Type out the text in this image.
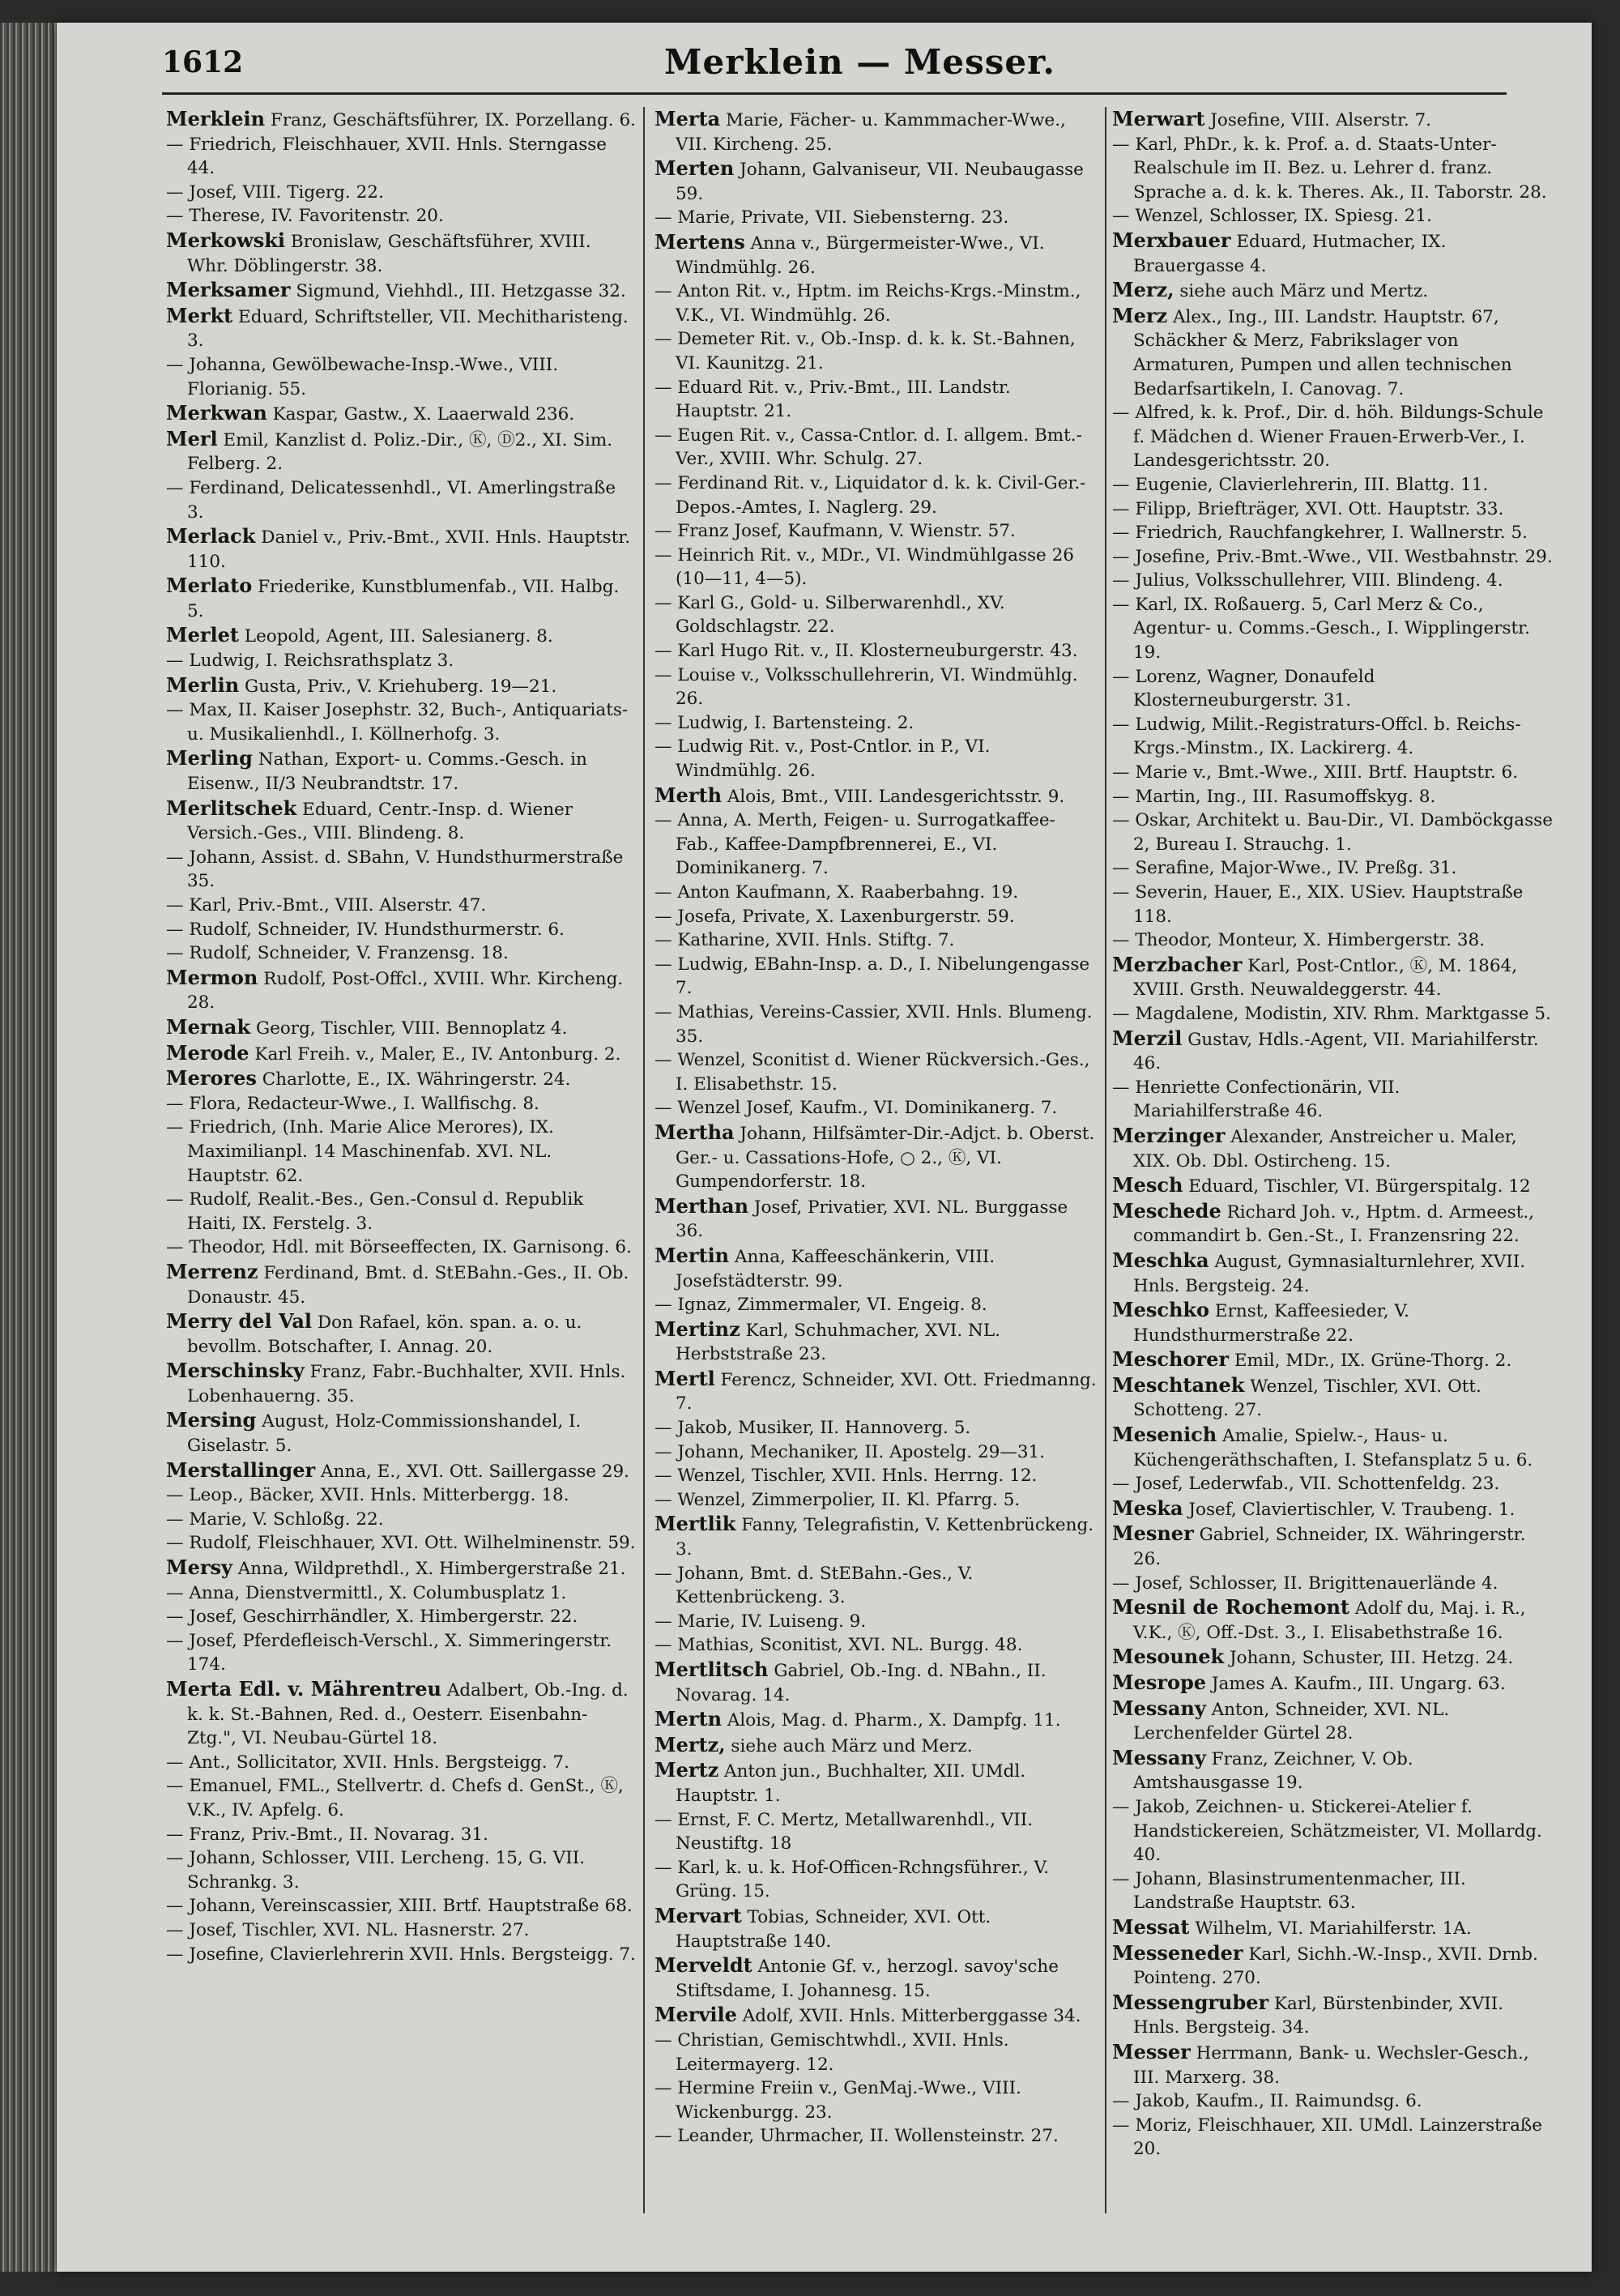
1612	Merklein — Messer.
Merklein Franz, Geschäftsführer, IX. Porzellang. 6.
— Friedrich, Fleischhauer, XVII. Hnls. Sterngasse 44.
— Josef, VIII. Tigerg. 22.
— Therese, IV. Favoritenstr. 20.
Merkowski Bronislaw, Geschäftsführer, XVIII. Whr. Döblingerstr. 38.
Merksamer Sigmund, Viehhdl., III. Hetzgasse 32.
Merkt Eduard, Schriftsteller, VII. Mechitharisteng. 3.
— Johanna, Gewölbewache-Insp.-Wwe., VIII. Florianig. 55.
Merkwan Kaspar, Gastw., X. Laaerwald 236.
Merl Emil, Kanzlist d. Poliz.-Dir., Ⓚ, Ⓓ2., XI. Sim. Felberg. 2.
— Ferdinand, Delicatessenhdl., VI. Amerlingstraße 3.
Merlack Daniel v., Priv.-Bmt., XVII. Hnls. Hauptstr. 110.
Merlato Friederike, Kunstblumenfab., VII. Halbg. 5.
Merlet Leopold, Agent, III. Salesianerg. 8.
— Ludwig, I. Reichsrathsplatz 3.
Merlin Gusta, Priv., V. Kriehuberg. 19—21.
— Max, II. Kaiser Josephstr. 32, Buch-, Antiquariats- u. Musikalienhdl., I. Köllnerhofg. 3.
Merling Nathan, Export- u. Comms.-Gesch. in Eisenw., II/3 Neubrandtstr. 17.
Merlitschek Eduard, Centr.-Insp. d. Wiener Versich.-Ges., VIII. Blindeng. 8.
— Johann, Assist. d. SBahn, V. Hundsthurmerstraße 35.
— Karl, Priv.-Bmt., VIII. Alserstr. 47.
— Rudolf, Schneider, IV. Hundsthurmerstr. 6.
— Rudolf, Schneider, V. Franzensg. 18.
Mermon Rudolf, Post-Offcl., XVIII. Whr. Kircheng. 28.
Mernak Georg, Tischler, VIII. Bennoplatz 4.
Merode Karl Freih. v., Maler, E., IV. Antonburg. 2.
Merores Charlotte, E., IX. Währingerstr. 24.
— Flora, Redacteur-Wwe., I. Wallfischg. 8.
— Friedrich, (Inh. Marie Alice Merores), IX. Maximilianpl. 14 Maschinenfab. XVI. NL. Hauptstr. 62.
— Rudolf, Realit.-Bes., Gen.-Consul d. Republik Haiti, IX. Ferstelg. 3.
— Theodor, Hdl. mit Börseeffecten, IX. Garnisong. 6.
Merrenz Ferdinand, Bmt. d. StEBahn.-Ges., II. Ob. Donaustr. 45.
Merry del Val Don Rafael, kön. span. a. o. u. bevollm. Botschafter, I. Annag. 20.
Merschinsky Franz, Fabr.-Buchhalter, XVII. Hnls. Lobenhauerng. 35.
Mersing August, Holz-Commissionshandel, I. Giselastr. 5.
Merstallinger Anna, E., XVI. Ott. Saillergasse 29.
— Leop., Bäcker, XVII. Hnls. Mitterbergg. 18.
— Marie, V. Schloßg. 22.
— Rudolf, Fleischhauer, XVI. Ott. Wilhelminenstr. 59.
Mersy Anna, Wildprethdl., X. Himbergerstraße 21.
— Anna, Dienstvermittl., X. Columbusplatz 1.
— Josef, Geschirrhändler, X. Himbergerstr. 22.
— Josef, Pferdefleisch-Verschl., X. Simmeringerstr. 174.
Merta Edl. v. Mährentreu Adalbert, Ob.-Ing. d. k. k. St.-Bahnen, Red. d., Oesterr. Eisenbahn-Ztg.", VI. Neubau-Gürtel 18.
— Ant., Sollicitator, XVII. Hnls. Bergsteigg. 7.
— Emanuel, FML., Stellvertr. d. Chefs d. GenSt., Ⓚ, V.K., IV. Apfelg. 6.
— Franz, Priv.-Bmt., II. Novarag. 31.
— Johann, Schlosser, VIII. Lercheng. 15, G. VII. Schrankg. 3.
— Johann, Vereinscassier, XIII. Brtf. Hauptstraße 68.
— Josef, Tischler, XVI. NL. Hasnerstr. 27.
— Josefine, Clavierlehrerin XVII. Hnls. Bergsteigg. 7.
Merta Marie, Fächer- u. Kammmacher-Wwe., VII. Kircheng. 25.
Merten Johann, Galvaniseur, VII. Neubaugasse 59.
— Marie, Private, VII. Siebensterng. 23.
Mertens Anna v., Bürgermeister-Wwe., VI. Windmühlg. 26.
— Anton Rit. v., Hptm. im Reichs-Krgs.-Minstm., V.K., VI. Windmühlg. 26.
— Demeter Rit. v., Ob.-Insp. d. k. k. St.-Bahnen, VI. Kaunitzg. 21.
— Eduard Rit. v., Priv.-Bmt., III. Landstr. Hauptstr. 21.
— Eugen Rit. v., Cassa-Cntlor. d. I. allgem. Bmt.-Ver., XVIII. Whr. Schulg. 27.
— Ferdinand Rit. v., Liquidator d. k. k. Civil-Ger.-Depos.-Amtes, I. Naglerg. 29.
— Franz Josef, Kaufmann, V. Wienstr. 57.
— Heinrich Rit. v., MDr., VI. Windmühlgasse 26 (10—11, 4—5).
— Karl G., Gold- u. Silberwarenhdl., XV. Goldschlagstr. 22.
— Karl Hugo Rit. v., II. Klosterneuburgerstr. 43.
— Louise v., Volksschullehrerin, VI. Windmühlg. 26.
— Ludwig, I. Bartensteing. 2.
— Ludwig Rit. v., Post-Cntlor. in P., VI. Windmühlg. 26.
Merth Alois, Bmt., VIII. Landesgerichtsstr. 9.
— Anna, A. Merth, Feigen- u. Surrogatkaffee-Fab., Kaffee-Dampfbrennerei, E., VI. Dominikanerg. 7.
— Anton Kaufmann, X. Raaberbahng. 19.
— Josefa, Private, X. Laxenburgerstr. 59.
— Katharine, XVII. Hnls. Stiftg. 7.
— Ludwig, EBahn-Insp. a. D., I. Nibelungengasse 7.
— Mathias, Vereins-Cassier, XVII. Hnls. Blumeng. 35.
— Wenzel, Sconitist d. Wiener Rückversich.-Ges., I. Elisabethstr. 15.
— Wenzel Josef, Kaufm., VI. Dominikanerg. 7.
Mertha Johann, Hilfsämter-Dir.-Adjct. b. Oberst. Ger.- u. Cassations-Hofe, ○ 2., Ⓚ, VI. Gumpendorferstr. 18.
Merthan Josef, Privatier, XVI. NL. Burggasse 36.
Mertin Anna, Kaffeeschänkerin, VIII. Josefstädterstr. 99.
— Ignaz, Zimmermaler, VI. Engeig. 8.
Mertinz Karl, Schuhmacher, XVI. NL. Herbststraße 23.
Mertl Ferencz, Schneider, XVI. Ott. Friedmanng. 7.
— Jakob, Musiker, II. Hannoverg. 5.
— Johann, Mechaniker, II. Apostelg. 29—31.
— Wenzel, Tischler, XVII. Hnls. Herrng. 12.
— Wenzel, Zimmerpolier, II. Kl. Pfarrg. 5.
Mertlik Fanny, Telegrafistin, V. Kettenbrückeng. 3.
— Johann, Bmt. d. StEBahn.-Ges., V. Kettenbrückeng. 3.
— Marie, IV. Luiseng. 9.
— Mathias, Sconitist, XVI. NL. Burgg. 48.
Mertlitsch Gabriel, Ob.-Ing. d. NBahn., II. Novarag. 14.
Mertn Alois, Mag. d. Pharm., X. Dampfg. 11.
Mertz, siehe auch März und Merz.
Mertz Anton jun., Buchhalter, XII. UMdl. Hauptstr. 1.
— Ernst, F. C. Mertz, Metallwarenhdl., VII. Neustiftg. 18
— Karl, k. u. k. Hof-Officen-Rchngsführer., V. Grüng. 15.
Mervart Tobias, Schneider, XVI. Ott. Hauptstraße 140.
Merveldt Antonie Gf. v., herzogl. savoy'sche Stiftsdame, I. Johannesg. 15.
Mervile Adolf, XVII. Hnls. Mitterberggasse 34.
— Christian, Gemischtwhdl., XVII. Hnls. Leitermayerg. 12.
— Hermine Freiin v., GenMaj.-Wwe., VIII. Wickenburgg. 23.
— Leander, Uhrmacher, II. Wollensteinstr. 27.
Merwart Josefine, VIII. Alserstr. 7.
— Karl, PhDr., k. k. Prof. a. d. Staats-Unter-Realschule im II. Bez. u. Lehrer d. franz. Sprache a. d. k. k. Theres. Ak., II. Taborstr. 28.
— Wenzel, Schlosser, IX. Spiesg. 21.
Merxbauer Eduard, Hutmacher, IX. Brauergasse 4.
Merz, siehe auch März und Mertz.
Merz Alex., Ing., III. Landstr. Hauptstr. 67, Schäckher & Merz, Fabrikslager von Armaturen, Pumpen und allen technischen Bedarfsartikeln, I. Canovag. 7.
— Alfred, k. k. Prof., Dir. d. höh. Bildungs-Schule f. Mädchen d. Wiener Frauen-Erwerb-Ver., I. Landesgerichtsstr. 20.
— Eugenie, Clavierlehrerin, III. Blattg. 11.
— Filipp, Briefträger, XVI. Ott. Hauptstr. 33.
— Friedrich, Rauchfangkehrer, I. Wallnerstr. 5.
— Josefine, Priv.-Bmt.-Wwe., VII. Westbahnstr. 29.
— Julius, Volksschullehrer, VIII. Blindeng. 4.
— Karl, IX. Roßauerg. 5, Carl Merz & Co., Agentur- u. Comms.-Gesch., I. Wipplingerstr. 19.
— Lorenz, Wagner, Donaufeld Klosterneuburgerstr. 31.
— Ludwig, Milit.-Registraturs-Offcl. b. Reichs-Krgs.-Minstm., IX. Lackirerg. 4.
— Marie v., Bmt.-Wwe., XIII. Brtf. Hauptstr. 6.
— Martin, Ing., III. Rasumoffskyg. 8.
— Oskar, Architekt u. Bau-Dir., VI. Damböckgasse 2, Bureau I. Strauchg. 1.
— Serafine, Major-Wwe., IV. Preßg. 31.
— Severin, Hauer, E., XIX. USiev. Hauptstraße 118.
— Theodor, Monteur, X. Himbergerstr. 38.
Merzbacher Karl, Post-Cntlor., Ⓚ, M. 1864, XVIII. Grsth. Neuwaldeggerstr. 44.
— Magdalene, Modistin, XIV. Rhm. Marktgasse 5.
Merzil Gustav, Hdls.-Agent, VII. Mariahilferstr. 46.
— Henriette Confectionärin, VII. Mariahilferstraße 46.
Merzinger Alexander, Anstreicher u. Maler, XIX. Ob. Dbl. Ostircheng. 15.
Mesch Eduard, Tischler, VI. Bürgerspitalg. 12
Meschede Richard Joh. v., Hptm. d. Armeest., commandirt b. Gen.-St., I. Franzensring 22.
Meschka August, Gymnasialturnlehrer, XVII. Hnls. Bergsteig. 24.
Meschko Ernst, Kaffeesieder, V. Hundsthurmerstraße 22.
Meschorer Emil, MDr., IX. Grüne-Thorg. 2.
Meschtanek Wenzel, Tischler, XVI. Ott. Schotteng. 27.
Mesenich Amalie, Spielw.-, Haus- u. Küchengeräthschaften, I. Stefansplatz 5 u. 6.
— Josef, Lederwfab., VII. Schottenfeldg. 23.
Meska Josef, Claviertischler, V. Traubeng. 1.
Mesner Gabriel, Schneider, IX. Währingerstr. 26.
— Josef, Schlosser, II. Brigittenauerlände 4.
Mesnil de Rochemont Adolf du, Maj. i. R., V.K., Ⓚ, Off.-Dst. 3., I. Elisabethstraße 16.
Mesounek Johann, Schuster, III. Hetzg. 24.
Mesrope James A. Kaufm., III. Ungarg. 63.
Messany Anton, Schneider, XVI. NL. Lerchenfelder Gürtel 28.
Messany Franz, Zeichner, V. Ob. Amtshausgasse 19.
— Jakob, Zeichnen- u. Stickerei-Atelier f. Handstickereien, Schätzmeister, VI. Mollardg. 40.
— Johann, Blasinstrumentenmacher, III. Landstraße Hauptstr. 63.
Messat Wilhelm, VI. Mariahilferstr. 1A.
Messeneder Karl, Sichh.-W.-Insp., XVII. Drnb. Pointeng. 270.
Messengruber Karl, Bürstenbinder, XVII. Hnls. Bergsteig. 34.
Messer Herrmann, Bank- u. Wechsler-Gesch., III. Marxerg. 38.
— Jakob, Kaufm., II. Raimundsg. 6.
— Moriz, Fleischhauer, XII. UMdl. Lainzerstraße 20.
